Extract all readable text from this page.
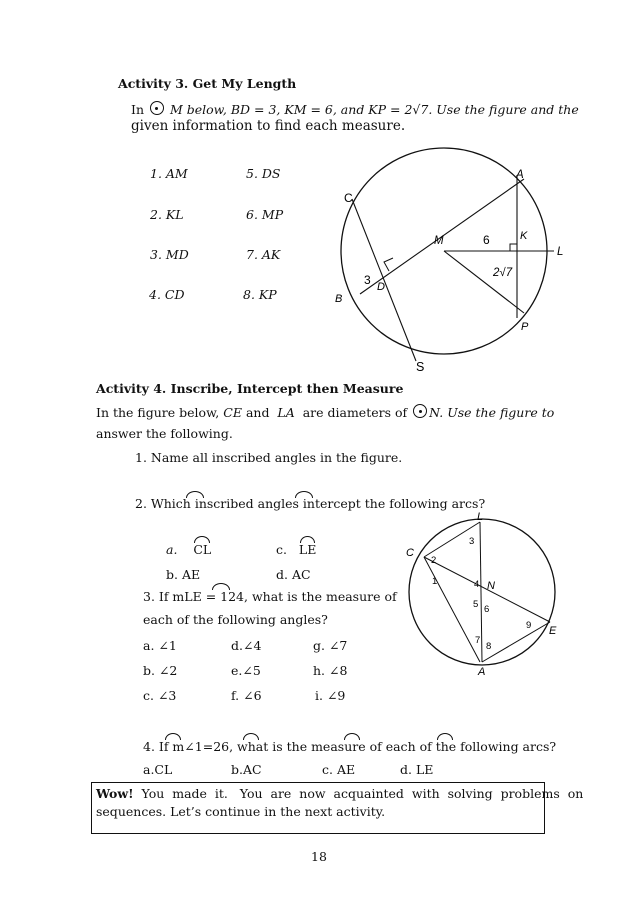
Activity 3. Get My Length
In M below, BD = 3, KM = 6, and KP = 2√7. Use the figure and the
given information to find each measure.
1. AM
2. KL
3. MD
4. CD
5. DS
6. MP
7. AK
8. KP
C
A
K
M	6
L
2√7
3 D
B
P
S
Activity 4. Inscribe, Intercept then Measure
In the figure below, CE and LA are diameters of N. Use the figure to
answer the following.
1. Name all inscribed angles in the figure.
2. Which inscribed angles intercept the following arcs?
a. CL
b. AE
c. LE
d. AC
3. If mLE = 124, what is the measure of
each of the following angles?
a. ∠1
b. ∠2
c. ∠3
d.∠4
e.∠5
f. ∠6
g. ∠7
h. ∠8
i. ∠9
L
C
N
E
A
1
2
3
4
5 6
7
8
9
4. If m∠1=26, what is the measure of each of the following arcs?
a.CL	b.AC	c. AE	d. LE
Wow!  You  made  it.   You  are  now  acquainted  with  solving  problems  on
sequences. Let’s continue in the next activity.
18
